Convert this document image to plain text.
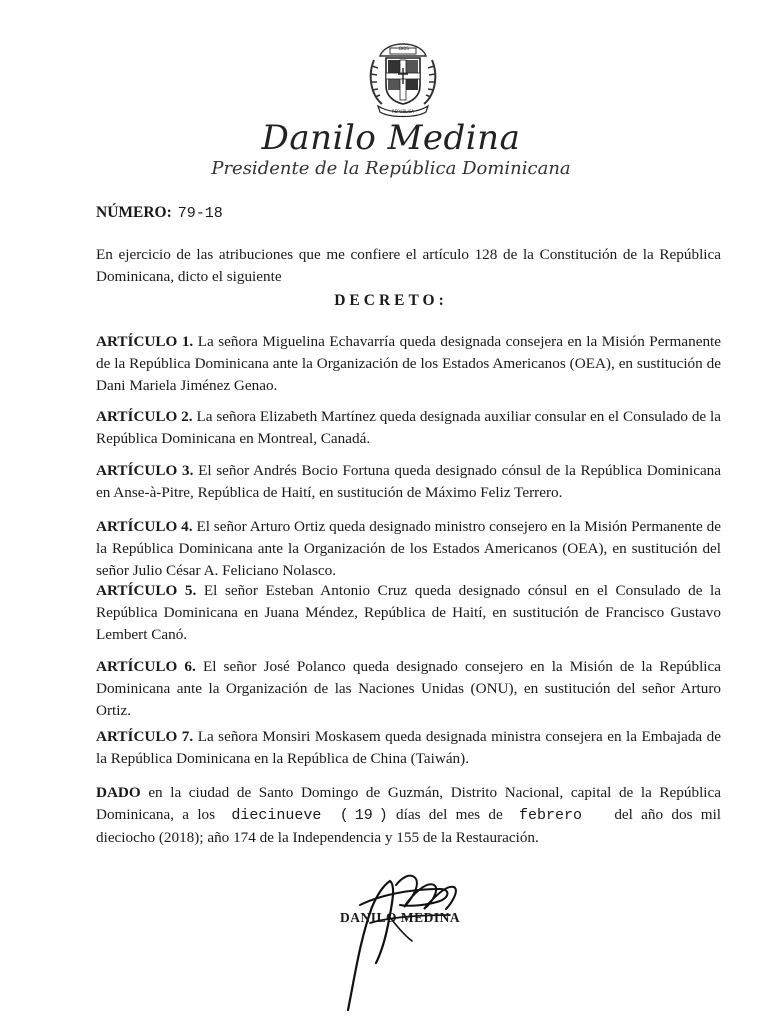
DIOS
REPUBLICA
Danilo Medina
Presidente de la República Dominicana
NÚMERO: 79-18
En ejercicio de las atribuciones que me confiere el artículo 128 de la Constitución de la República Dominicana, dicto el siguiente
DECRETO:
ARTÍCULO 1. La señora Miguelina Echavarría queda designada consejera en la Misión Permanente de la República Dominicana ante la Organización de los Estados Americanos (OEA), en sustitución de Dani Mariela Jiménez Genao.
ARTÍCULO 2. La señora Elizabeth Martínez queda designada auxiliar consular en el Consulado de la República Dominicana en Montreal, Canadá.
ARTÍCULO 3. El señor Andrés Bocio Fortuna queda designado cónsul de la República Dominicana en Anse-à-Pitre, República de Haití, en sustitución de Máximo Feliz Terrero.
ARTÍCULO 4. El señor Arturo Ortiz queda designado ministro consejero en la Misión Permanente de la República Dominicana ante la Organización de los Estados Americanos (OEA), en sustitución del señor Julio César A. Feliciano Nolasco.
ARTÍCULO 5. El señor Esteban Antonio Cruz queda designado cónsul en el Consulado de la República Dominicana en Juana Méndez, República de Haití, en sustitución de Francisco Gustavo Lembert Canó.
ARTÍCULO 6. El señor José Polanco queda designado consejero en la Misión de la República Dominicana ante la Organización de las Naciones Unidas (ONU), en sustitución del señor Arturo Ortiz.
ARTÍCULO 7. La señora Monsiri Moskasem queda designada ministra consejera en la Embajada de la República Dominicana en la República de China (Taiwán).
DADO en la ciudad de Santo Domingo de Guzmán, Distrito Nacional, capital de la República Dominicana, a los diecinueve ( 19 ) días del mes de febrero del año dos mil dieciocho (2018); año 174 de la Independencia y 155 de la Restauración.
DANILO MEDINA
